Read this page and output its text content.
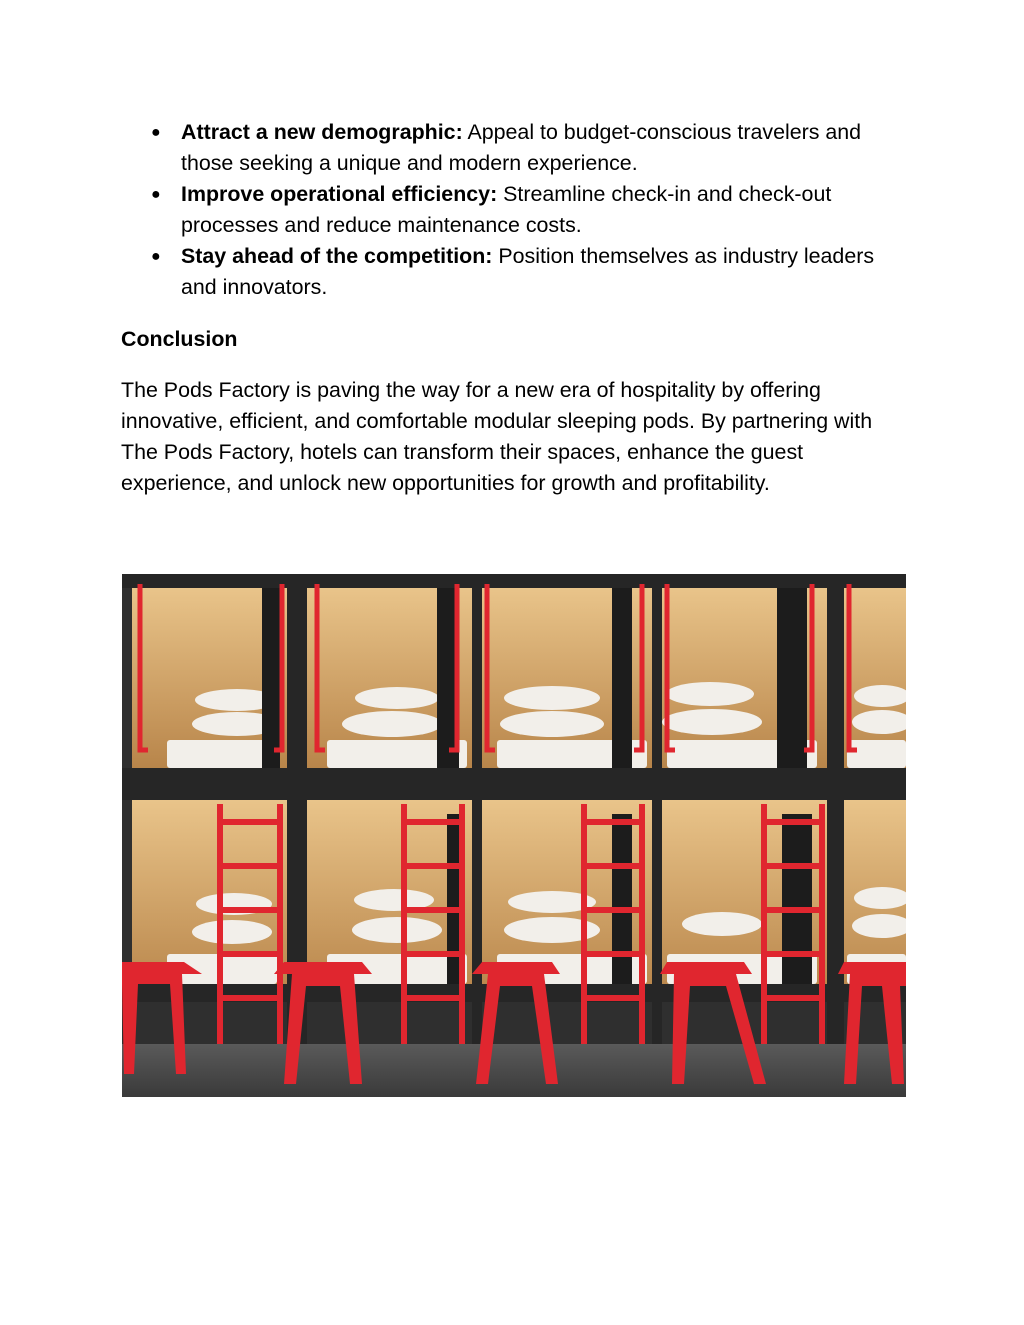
● Attract a new demographic: Appeal to budget-conscious travelers and those seeking a unique and modern experience.
● Improve operational efficiency: Streamline check-in and check-out processes and reduce maintenance costs.
● Stay ahead of the competition: Position themselves as industry leaders and innovators.
Conclusion

The Pods Factory is paving the way for a new era of hospitality by offering innovative, efficient, and comfortable modular sleeping pods. By partnering with The Pods Factory, hotels can transform their spaces, enhance the guest experience, and unlock new opportunities for growth and profitability.
